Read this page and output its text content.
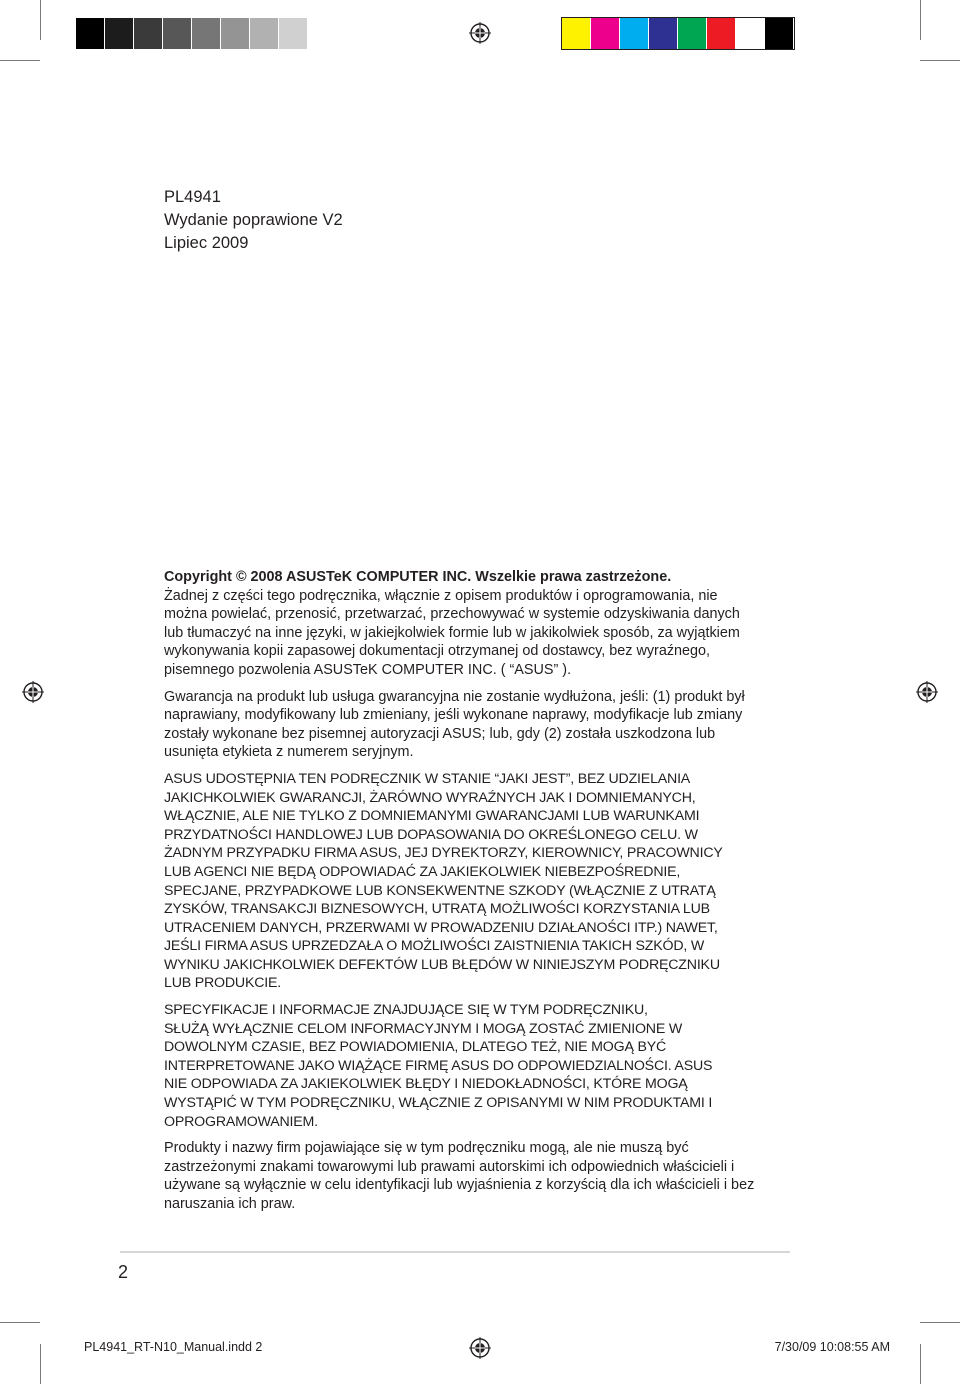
PL4941
Wydanie poprawione V2
Lipiec 2009
Copyright © 2008 ASUSTeK COMPUTER INC. Wszelkie prawa zastrzeżone.
Żadnej z części tego podręcznika, włącznie z opisem produktów i oprogramowania, nie
można powielać, przenosić, przetwarzać, przechowywać w systemie odzyskiwania danych
lub tłumaczyć na inne języki, w jakiejkolwiek formie lub w jakikolwiek sposób, za wyjątkiem
wykonywania kopii zapasowej dokumentacji otrzymanej od dostawcy, bez wyraźnego,
pisemnego pozwolenia ASUSTeK COMPUTER INC. ( “ASUS” ).
Gwarancja na produkt lub usługa gwarancyjna nie zostanie wydłużona, jeśli: (1) produkt był
naprawiany, modyfikowany lub zmieniany, jeśli wykonane naprawy, modyfikacje lub zmiany
zostały wykonane bez pisemnej autoryzacji ASUS; lub, gdy (2) została uszkodzona lub
usunięta etykieta z numerem seryjnym.
ASUS UDOSTĘPNIA TEN PODRĘCZNIK W STANIE “JAKI JEST”, BEZ UDZIELANIA
JAKICHKOLWIEK GWARANCJI, ŻARÓWNO WYRAŹNYCH JAK I DOMNIEMANYCH,
WŁĄCZNIE, ALE NIE TYLKO Z DOMNIEMANYMI GWARANCJAMI LUB WARUNKAMI
PRZYDATNOŚCI HANDLOWEJ LUB DOPASOWANIA DO OKREŚLONEGO CELU. W
ŻADNYM PRZYPADKU FIRMA ASUS, JEJ DYREKTORZY, KIEROWNICY, PRACOWNICY
LUB AGENCI NIE BĘDĄ ODPOWIADAĆ ZA JAKIEKOLWIEK NIEBEZPOŚREDNIE,
SPECJANE, PRZYPADKOWE LUB KONSEKWENTNE SZKODY (WŁĄCZNIE Z UTRATĄ
ZYSKÓW, TRANSAKCJI BIZNESOWYCH, UTRATĄ MOŻLIWOŚCI KORZYSTANIA LUB
UTRACENIEM DANYCH, PRZERWAMI W PROWADZENIU DZIAŁANOŚCI ITP.) NAWET,
JEŚLI FIRMA ASUS UPRZEDZAŁA O MOŻLIWOŚCI ZAISTNIENIA TAKICH SZKÓD, W
WYNIKU JAKICHKOLWIEK DEFEKTÓW LUB BŁĘDÓW W NINIEJSZYM PODRĘCZNIKU
LUB PRODUKCIE.
SPECYFIKACJE I INFORMACJE ZNAJDUJĄCE SIĘ W TYM PODRĘCZNIKU,
SŁUŻĄ WYŁĄCZNIE CELOM INFORMACYJNYM I MOGĄ ZOSTAĆ ZMIENIONE W
DOWOLNYM CZASIE, BEZ POWIADOMIENIA, DLATEGO TEŻ, NIE MOGĄ BYĆ
INTERPRETOWANE JAKO WIĄŻĄCE FIRMĘ ASUS DO ODPOWIEDZIALNOŚCI. ASUS
NIE ODPOWIADA ZA JAKIEKOLWIEK BŁĘDY I NIEDOKŁADNOŚCI, KTÓRE MOGĄ
WYSTĄPIĆ W TYM PODRĘCZNIKU, WŁĄCZNIE Z OPISANYMI W NIM PRODUKTAMI I
OPROGRAMOWANIEM.
Produkty i nazwy firm pojawiające się w tym podręczniku mogą, ale nie muszą być
zastrzeżonymi znakami towarowymi lub prawami autorskimi ich odpowiednich właścicieli i
używane są wyłącznie w celu identyfikacji lub wyjaśnienia z korzyścią dla ich właścicieli i bez
naruszania ich praw.
2
PL4941_RT-N10_Manual.indd 2	7/30/09 10:08:55 AM
